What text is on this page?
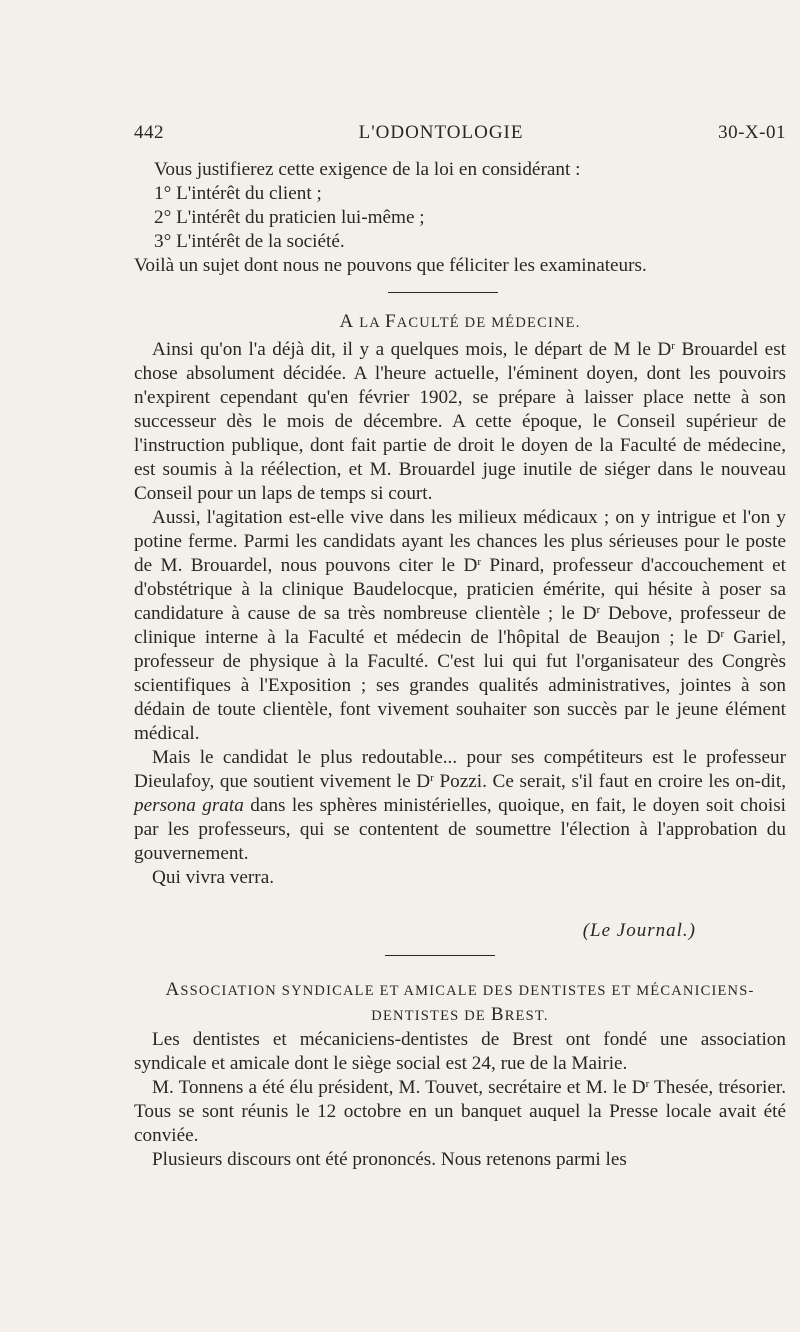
442	L'ODONTOLOGIE	30-X-01

Vous justifierez cette exigence de la loi en considérant :

1° L'intérêt du client ;

2° L'intérêt du praticien lui-même ;

3° L'intérêt de la société.

Voilà un sujet dont nous ne pouvons que féliciter les examinateurs.

A LA FACULTÉ DE MÉDECINE.

Ainsi qu'on l'a déjà dit, il y a quelques mois, le départ de M le $D^r$ Brouardel est chose absolument décidée. A l'heure actuelle, l'éminent doyen, dont les pouvoirs n'expirent cependant qu'en février 1902, se prépare à laisser place nette à son successeur dès le mois de décembre. A cette époque, le Conseil supérieur de l'instruction publique, dont fait partie de droit le doyen de la Faculté de médecine, est soumis à la réélection, et M. Brouardel juge inutile de siéger dans le nouveau Conseil pour un laps de temps si court.

Aussi, l'agitation est-elle vive dans les milieux médicaux ; on y intrigue et l'on y potine ferme. Parmi les candidats ayant les chances les plus sérieuses pour le poste de M. Brouardel, nous pouvons citer le $D^r$ Pinard, professeur d'accouchement et d'obstétrique à la clinique Baudelocque, praticien émérite, qui hésite à poser sa candidature à cause de sa très nombreuse clientèle ; le $D^r$ Debove, professeur de clinique interne à la Faculté et médecin de l'hôpital de Beaujon ; le $D^r$ Gariel, professeur de physique à la Faculté. C'est lui qui fut l'organisateur des Congrès scientifiques à l'Exposition ; ses grandes qualités administratives, jointes à son dédain de toute clientèle, font vivement souhaiter son succès par le jeune élément médical.

Mais le candidat le plus redoutable... pour ses compétiteurs est le professeur Dieulafoy, que soutient vivement le $D^r$ Pozzi. Ce serait, s'il faut en croire les on-dit, persona grata dans les sphères ministérielles, quoique, en fait, le doyen soit choisi par les professeurs, qui se contentent de soumettre l'élection à l'approbation du gouvernement.

Qui vivra verra.

(Le Journal.)
ASSOCIATION SYNDICALE ET AMICALE DES DENTISTES ET MÉCANICIENS-
DENTISTES DE BREST.

Les dentistes et mécaniciens-dentistes de Brest ont fondé une association syndicale et amicale dont le siège social est 24, rue de la Mairie.

M. Tonnens a été élu président, M. Touvet, secrétaire et M. le $D^r$ Thesée, trésorier. Tous se sont réunis le 12 octobre en un banquet auquel la Presse locale avait été conviée.

Plusieurs discours ont été prononcés. Nous retenons parmi les
